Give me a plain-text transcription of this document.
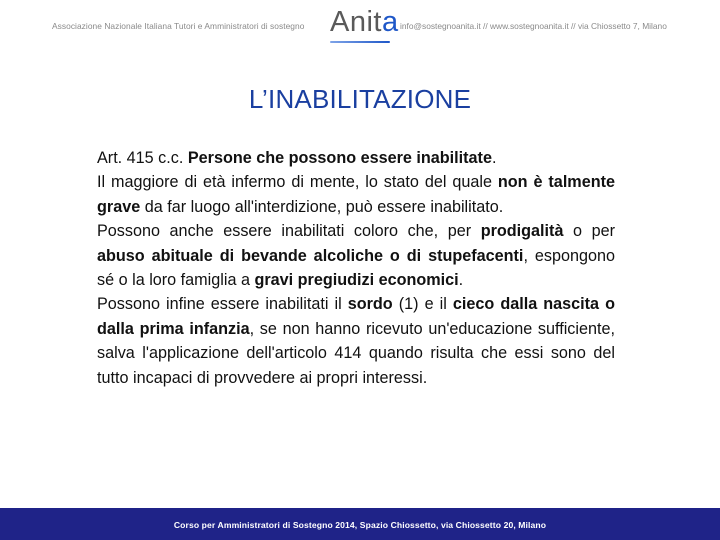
Associazione Nazionale Italiana Tutori e Amministratori di sostegno Anita info@sostegnoanita.it // www.sostegnoanita.it // via Chiossetto 7, Milano
L’INABILITAZIONE

Art. 415 c.c. Persone che possono essere inabilitate.

Il maggiore di età infermo di mente, lo stato del quale non è talmente grave da far luogo all'interdizione, può essere inabilitato.

Possono anche essere inabilitati coloro che, per prodigalità o per abuso abituale di bevande alcoliche o di stupefacenti, espongono sé o la loro famiglia a gravi pregiudizi economici.

Possono infine essere inabilitati il sordo (1) e il cieco dalla nascita o dalla prima infanzia, se non hanno ricevuto un'educazione sufficiente, salva l'applicazione dell'articolo 414 quando risulta che essi sono del tutto incapaci di provvedere ai propri interessi.

Corso per Amministratori di Sostegno 2014, Spazio Chiossetto, via Chiossetto 20, Milano
